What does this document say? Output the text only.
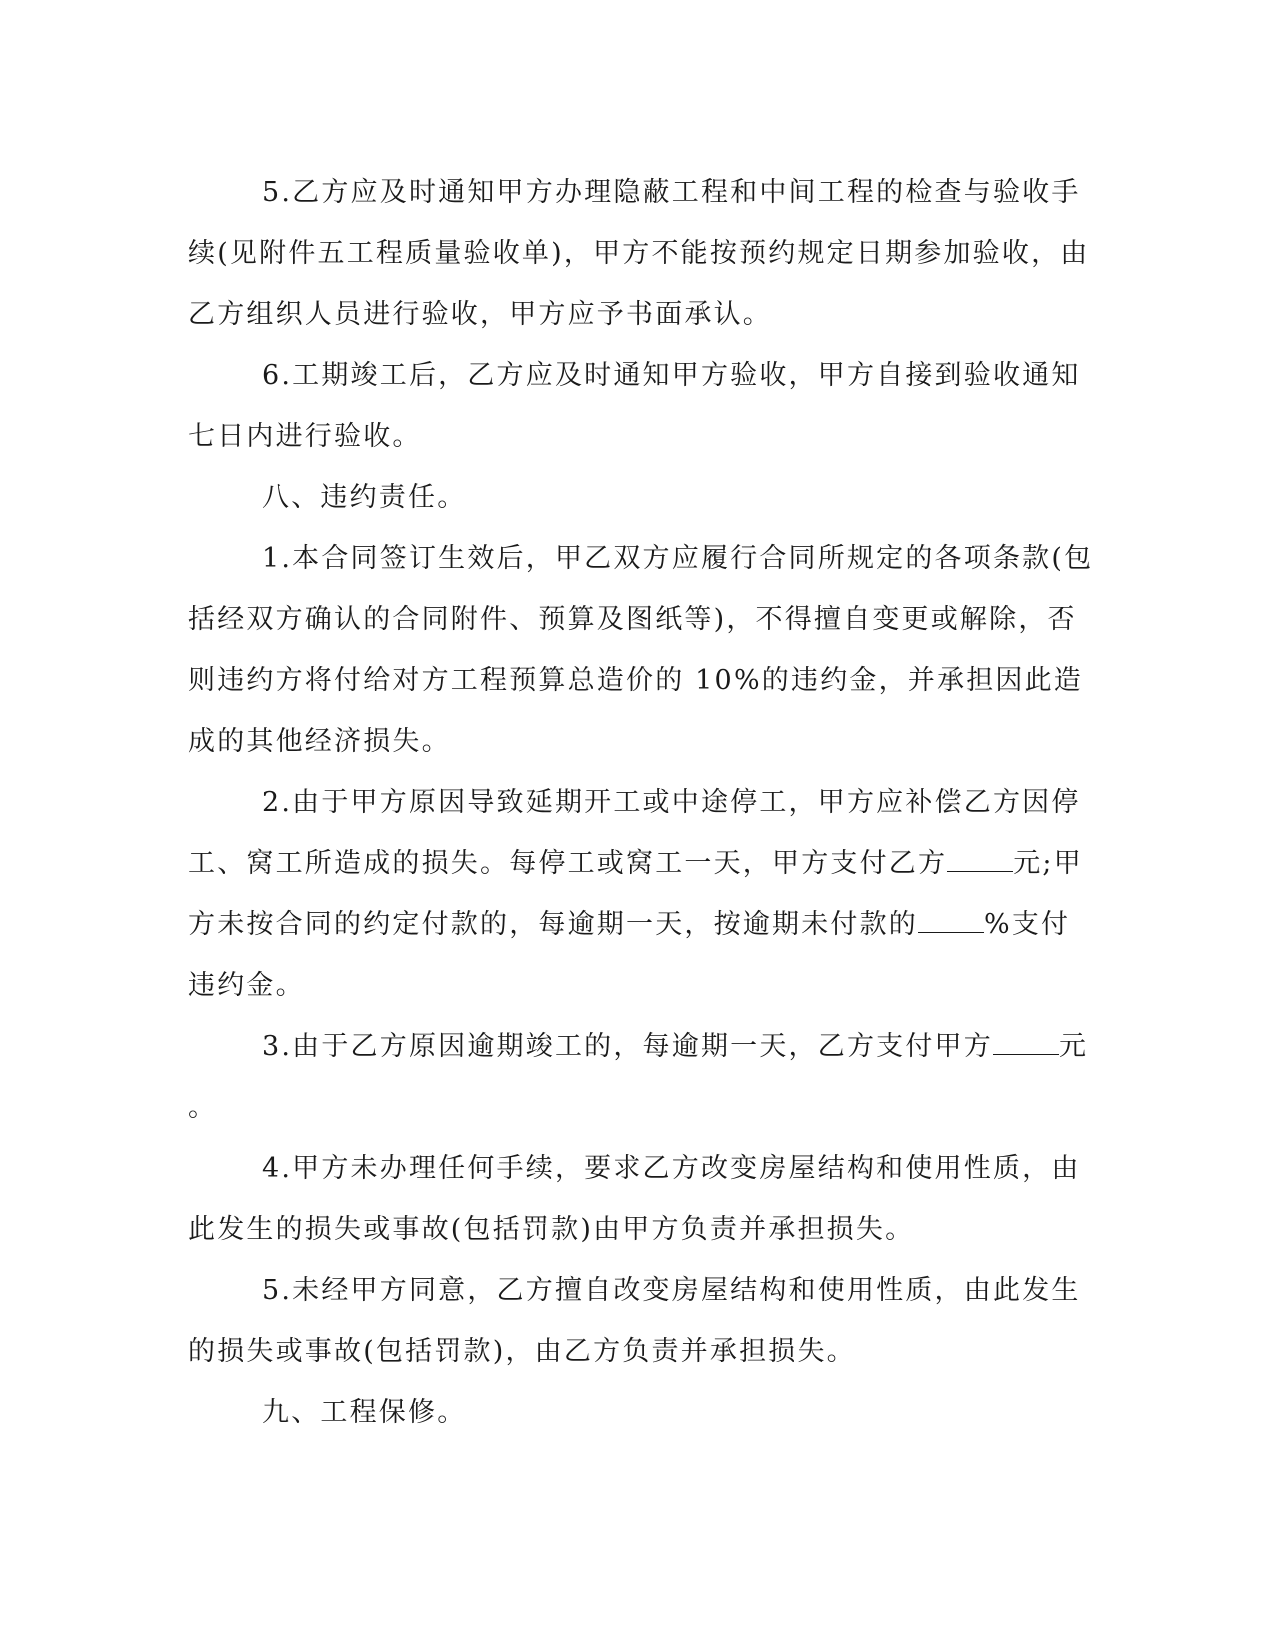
5.乙方应及时通知甲方办理隐蔽工程和中间工程的检查与验收手
续(见附件五工程质量验收单)，甲方不能按预约规定日期参加验收，由
乙方组织人员进行验收，甲方应予书面承认。
6.工期竣工后，乙方应及时通知甲方验收，甲方自接到验收通知
七日内进行验收。
八、违约责任。
1.本合同签订生效后，甲乙双方应履行合同所规定的各项条款(包
括经双方确认的合同附件、预算及图纸等)，不得擅自变更或解除，否
则违约方将付给对方工程预算总造价的 10%的违约金，并承担因此造
成的其他经济损失。
2.由于甲方原因导致延期开工或中途停工，甲方应补偿乙方因停
工、窝工所造成的损失。每停工或窝工一天，甲方支付乙方 元;甲
方未按合同的约定付款的，每逾期一天，按逾期未付款的 %支付
违约金。
3.由于乙方原因逾期竣工的，每逾期一天，乙方支付甲方 元
。
4.甲方未办理任何手续，要求乙方改变房屋结构和使用性质，由
此发生的损失或事故(包括罚款)由甲方负责并承担损失。
5.未经甲方同意，乙方擅自改变房屋结构和使用性质，由此发生
的损失或事故(包括罚款)，由乙方负责并承担损失。
九、工程保修。
